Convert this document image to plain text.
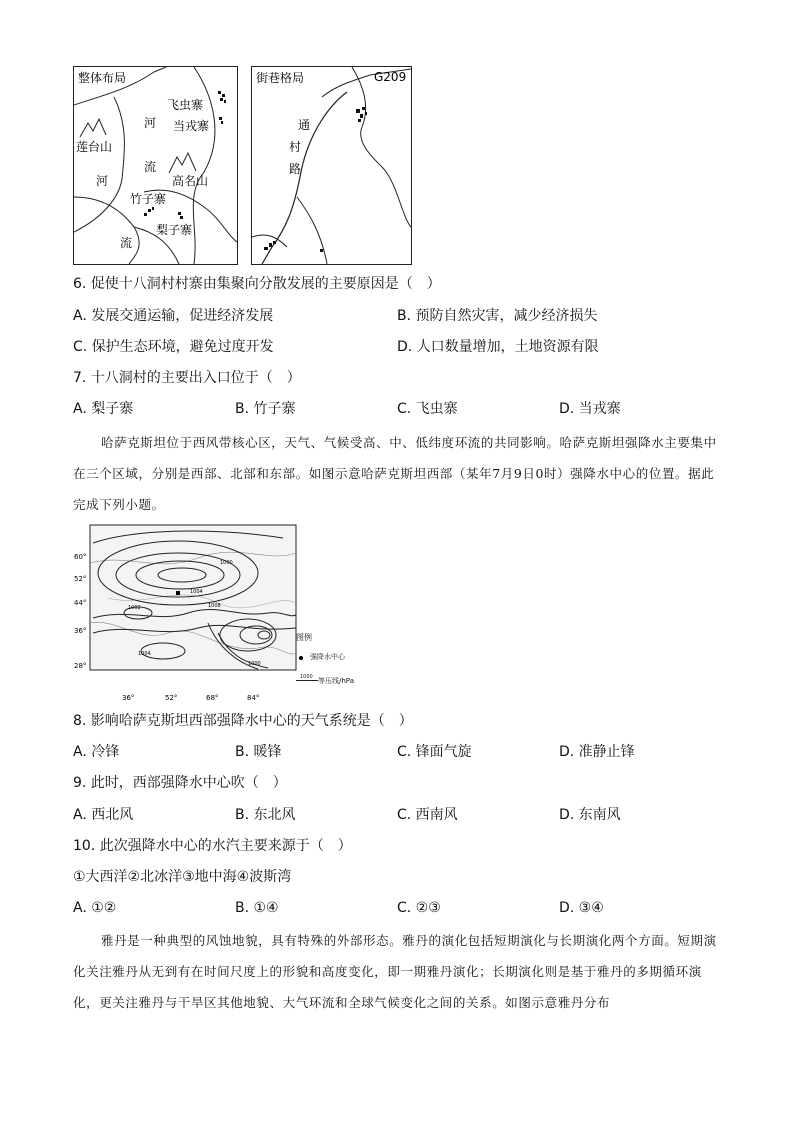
整体布局
飞虫寨
当戎寨
河
莲台山
流
河	高名山
竹子寨
梨子寨
流
街巷格局	G209
通
村
路
6. 促使十八洞村村寨由集聚向分散发展的主要原因是（　）
A. 发展交通运输，促进经济发展	B. 预防自然灾害，减少经济损失
C. 保护生态环境，避免过度开发	D. 人口数量增加，土地资源有限
7. 十八洞村的主要出入口位于（　）
A. 梨子寨	B. 竹子寨	C. 飞虫寨	D. 当戎寨
哈萨克斯坦位于西风带核心区，天气、气候受高、中、低纬度环流的共同影响。哈萨克斯坦强降水主要集中在三个区域，分别是西部、北部和东部。如图示意哈萨克斯坦西部（某年7月9日0时）强降水中心的位置。据此完成下列小题。
1000
1004
1008
1002
1004
1000
60°
52°
44°
36°
28°
36°	52°	68°	84°
图例
强降水中心
1000 等压线/hPa
8. 影响哈萨克斯坦西部强降水中心的天气系统是（　）
A. 冷锋	B. 暖锋	C. 锋面气旋	D. 准静止锋
9. 此时，西部强降水中心吹（　）
A. 西北风	B. 东北风	C. 西南风	D. 东南风
10. 此次强降水中心的水汽主要来源于（　）
①大西洋②北冰洋③地中海④波斯湾
A. ①②	B. ①④	C. ②③	D. ③④
雅丹是一种典型的风蚀地貌，具有特殊的外部形态。雅丹的演化包括短期演化与长期演化两个方面。短期演化关注雅丹从无到有在时间尺度上的形貌和高度变化，即一期雅丹演化；长期演化则是基于雅丹的多期循环演化，更关注雅丹与干旱区其他地貌、大气环流和全球气候变化之间的关系。如图示意雅丹分布
